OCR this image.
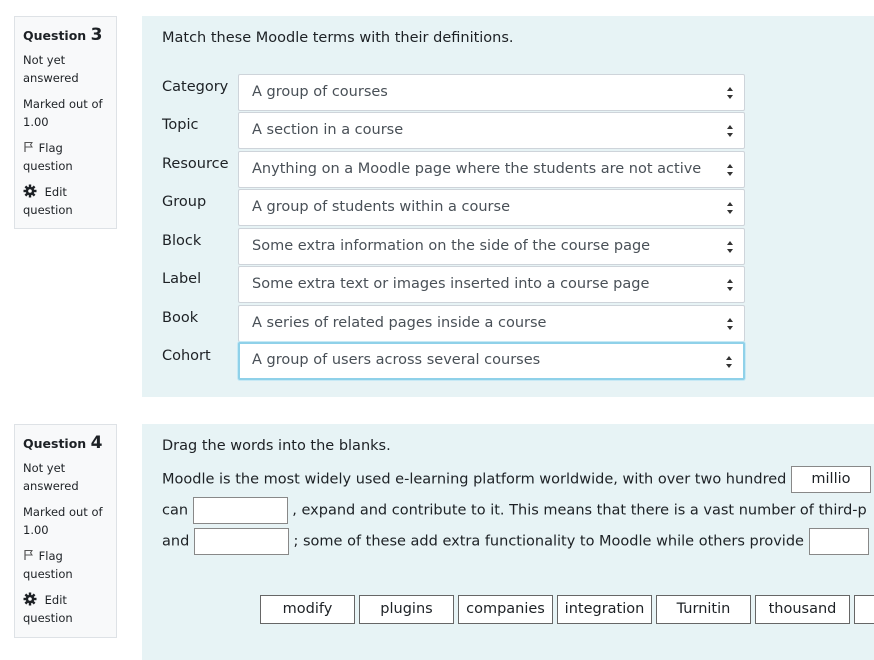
Question 3
Not yet answered
Marked out of 1.00
Flag question
Edit question
Match these Moodle terms with their definitions.
Category	A group of courses
Topic	A section in a course
Resource	Anything on a Moodle page where the students are not active
Group	A group of students within a course
Block	Some extra information on the side of the course page
Label	Some extra text or images inserted into a course page
Book	A series of related pages inside a course
Cohort	A group of users across several courses
Question 4
Not yet answered
Marked out of 1.00
Flag question
Edit question
Drag the words into the blanks.
Moodle is the most widely used e-learning platform worldwide, with over two hundred millio
can	, expand and contribute to it. This means that there is a vast number of third-p
and	; some of these add extra functionality to Moodle while others provide
modify	plugins	companies	integration	Turnitin	thousand
